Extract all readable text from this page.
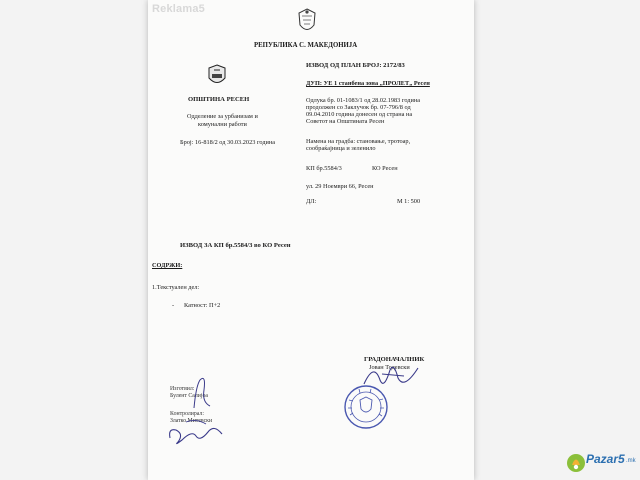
Reklama5
РЕПУБЛИКА С. МАКЕДОНИЈА
ОПШТИНА РЕСЕН
Одделение за урбанизам и
комунални работи
Број: 16-818/2 од 30.03.2023 година
ИЗВОД ОД ПЛАН БРОЈ: 2172/83
ДУП: УЕ 1 станбена зона „ПРОЛЕТ„ Ресен
Одлука бр. 01-1083/1 од 28.02.1983 година
продолжен со Заклучок бр. 07-796/8 од
09.04.2010 година донесен од страна на
Советот на Општината Ресен
Намена на градба: становање, тротоар,
сообраќајница и зеленило
КП бр.5584/3	КО Ресен
ул. 29 Ноември 66, Ресен
ДЛ:	М 1: 500
ИЗВОД ЗА КП бр.5584/3 во КО Ресен
СОДРЖИ:
1.Текстуален дел:
- Катност: П+2
ГРАДОНАЧАЛНИК
Јован Тодевски
Изготвил:
Булент Салијоа
Контролирал:
Златко Митевски
Pazar5 .mk
